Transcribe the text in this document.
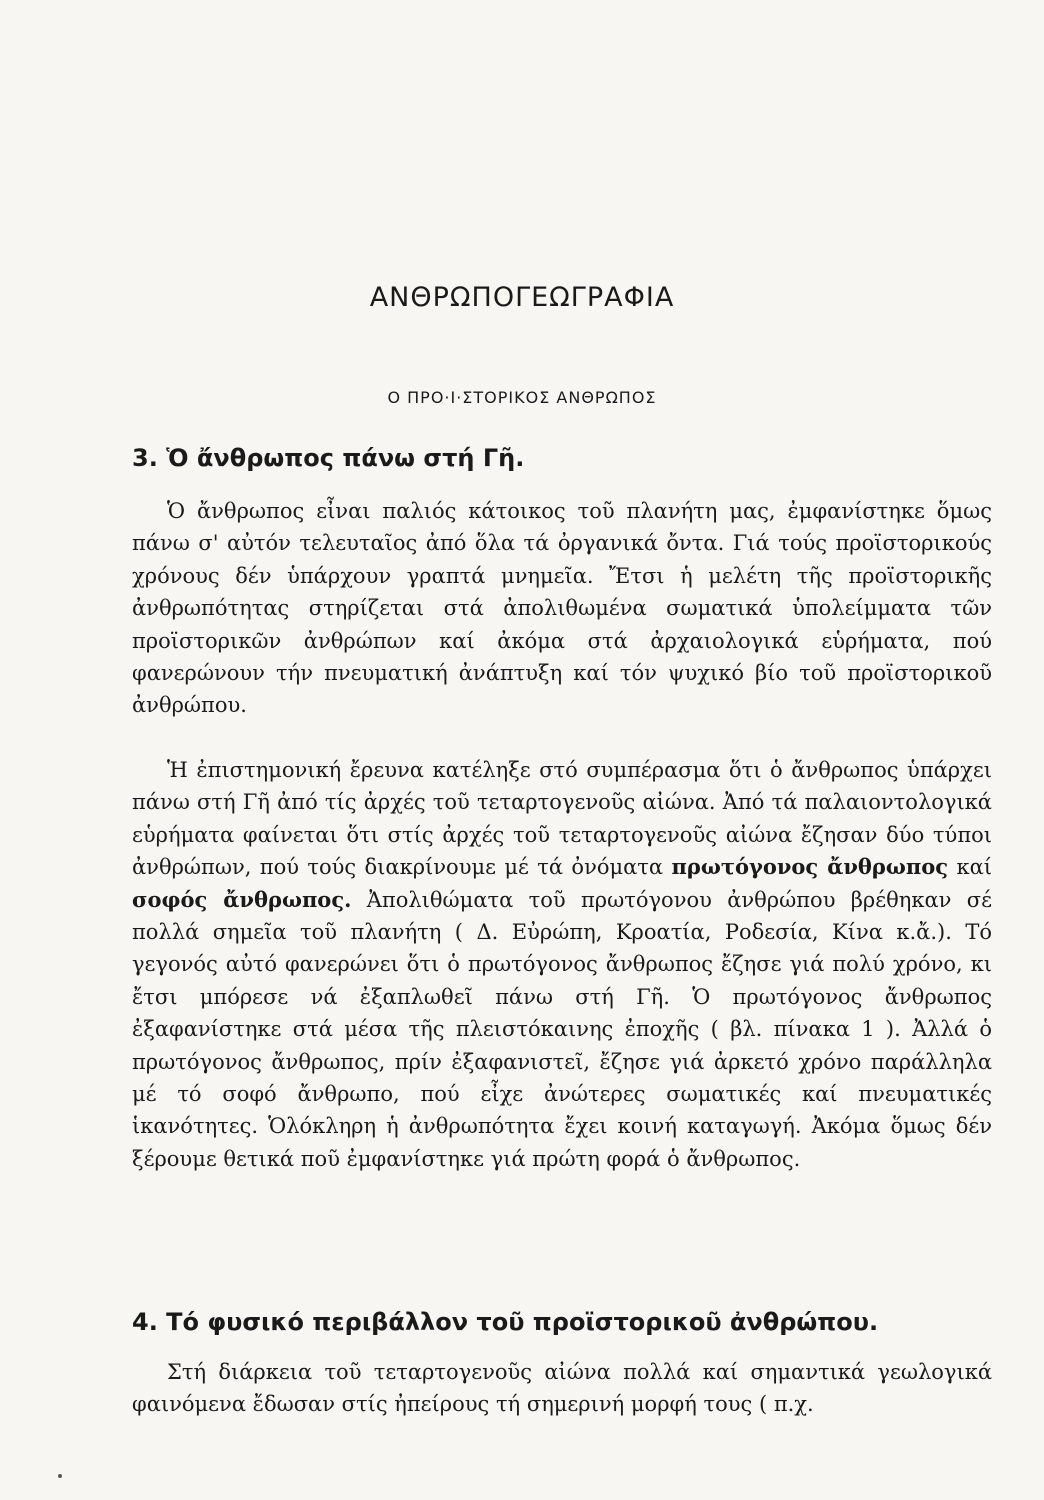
ΑΝΘΡΩΠΟΓΕΩΓΡΑΦΙΑ
Ο ΠΡΟ·Ι·ΣΤΟΡΙΚΟΣ ΑΝΘΡΩΠΟΣ
3. Ὁ ἄνθρωπος πάνω στή Γῆ.

Ὁ ἄνθρωπος εἶναι παλιός κάτοικος τοῦ πλανήτη μας, ἐμφανίστηκε ὅμως πάνω σ' αὐτόν τελευταῖος ἀπό ὅλα τά ὀργανικά ὄντα. Γιά τούς προϊστορικούς χρόνους δέν ὑπάρχουν γραπτά μνημεῖα. Ἔτσι ἡ μελέτη τῆς προϊστορικῆς ἀνθρωπότητας στηρίζεται στά ἀπολιθωμένα σωματικά ὑπολείμματα τῶν προϊστορικῶν ἀνθρώπων καί ἀκόμα στά ἀρχαιολογικά εὑρήματα, πού φανερώνουν τήν πνευματική ἀνάπτυξη καί τόν ψυχικό βίο τοῦ προϊστορικοῦ ἀνθρώπου.

Ἡ ἐπιστημονική ἔρευνα κατέληξε στό συμπέρασμα ὅτι ὁ ἄνθρωπος ὑπάρχει πάνω στή Γῆ ἀπό τίς ἀρχές τοῦ τεταρτογενοῦς αἰώνα. Ἀπό τά παλαιοντολογικά εὑρήματα φαίνεται ὅτι στίς ἀρχές τοῦ τεταρτογενοῦς αἰώνα ἔζησαν δύο τύποι ἀνθρώπων, πού τούς διακρίνουμε μέ τά ὀνόματα πρωτόγονος ἄνθρωπος καί σοφός ἄνθρωπος. Ἀπολιθώματα τοῦ πρωτόγονου ἀνθρώπου βρέθηκαν σέ πολλά σημεῖα τοῦ πλανήτη ( Δ. Εὐρώπη, Κροατία, Ροδεσία, Κίνα κ.ἄ.). Τό γεγονός αὐτό φανερώνει ὅτι ὁ πρωτόγονος ἄνθρωπος ἔζησε γιά πολύ χρόνο, κι ἔτσι μπόρεσε νά ἐξαπλωθεῖ πάνω στή Γῆ. Ὁ πρωτόγονος ἄνθρωπος ἐξαφανίστηκε στά μέσα τῆς πλειστόκαινης ἐποχῆς ( βλ. πίνακα 1 ). Ἀλλά ὁ πρωτόγονος ἄνθρωπος, πρίν ἐξαφανιστεῖ, ἔζησε γιά ἀρκετό χρόνο παράλληλα μέ τό σοφό ἄνθρωπο, πού εἶχε ἀνώτερες σωματικές καί πνευματικές ἱκανότητες. Ὁλόκληρη ἡ ἀνθρωπότητα ἔχει κοινή καταγωγή. Ἀκόμα ὅμως δέν ξέρουμε θετικά ποῦ ἐμφανίστηκε γιά πρώτη φορά ὁ ἄνθρωπος.

4. Τό φυσικό περιβάλλον τοῦ προϊστορικοῦ ἀνθρώπου.

Στή διάρκεια τοῦ τεταρτογενοῦς αἰώνα πολλά καί σημαντικά γεωλογικά φαινόμενα ἔδωσαν στίς ἠπείρους τή σημερινή μορφή τους ( π.χ.
